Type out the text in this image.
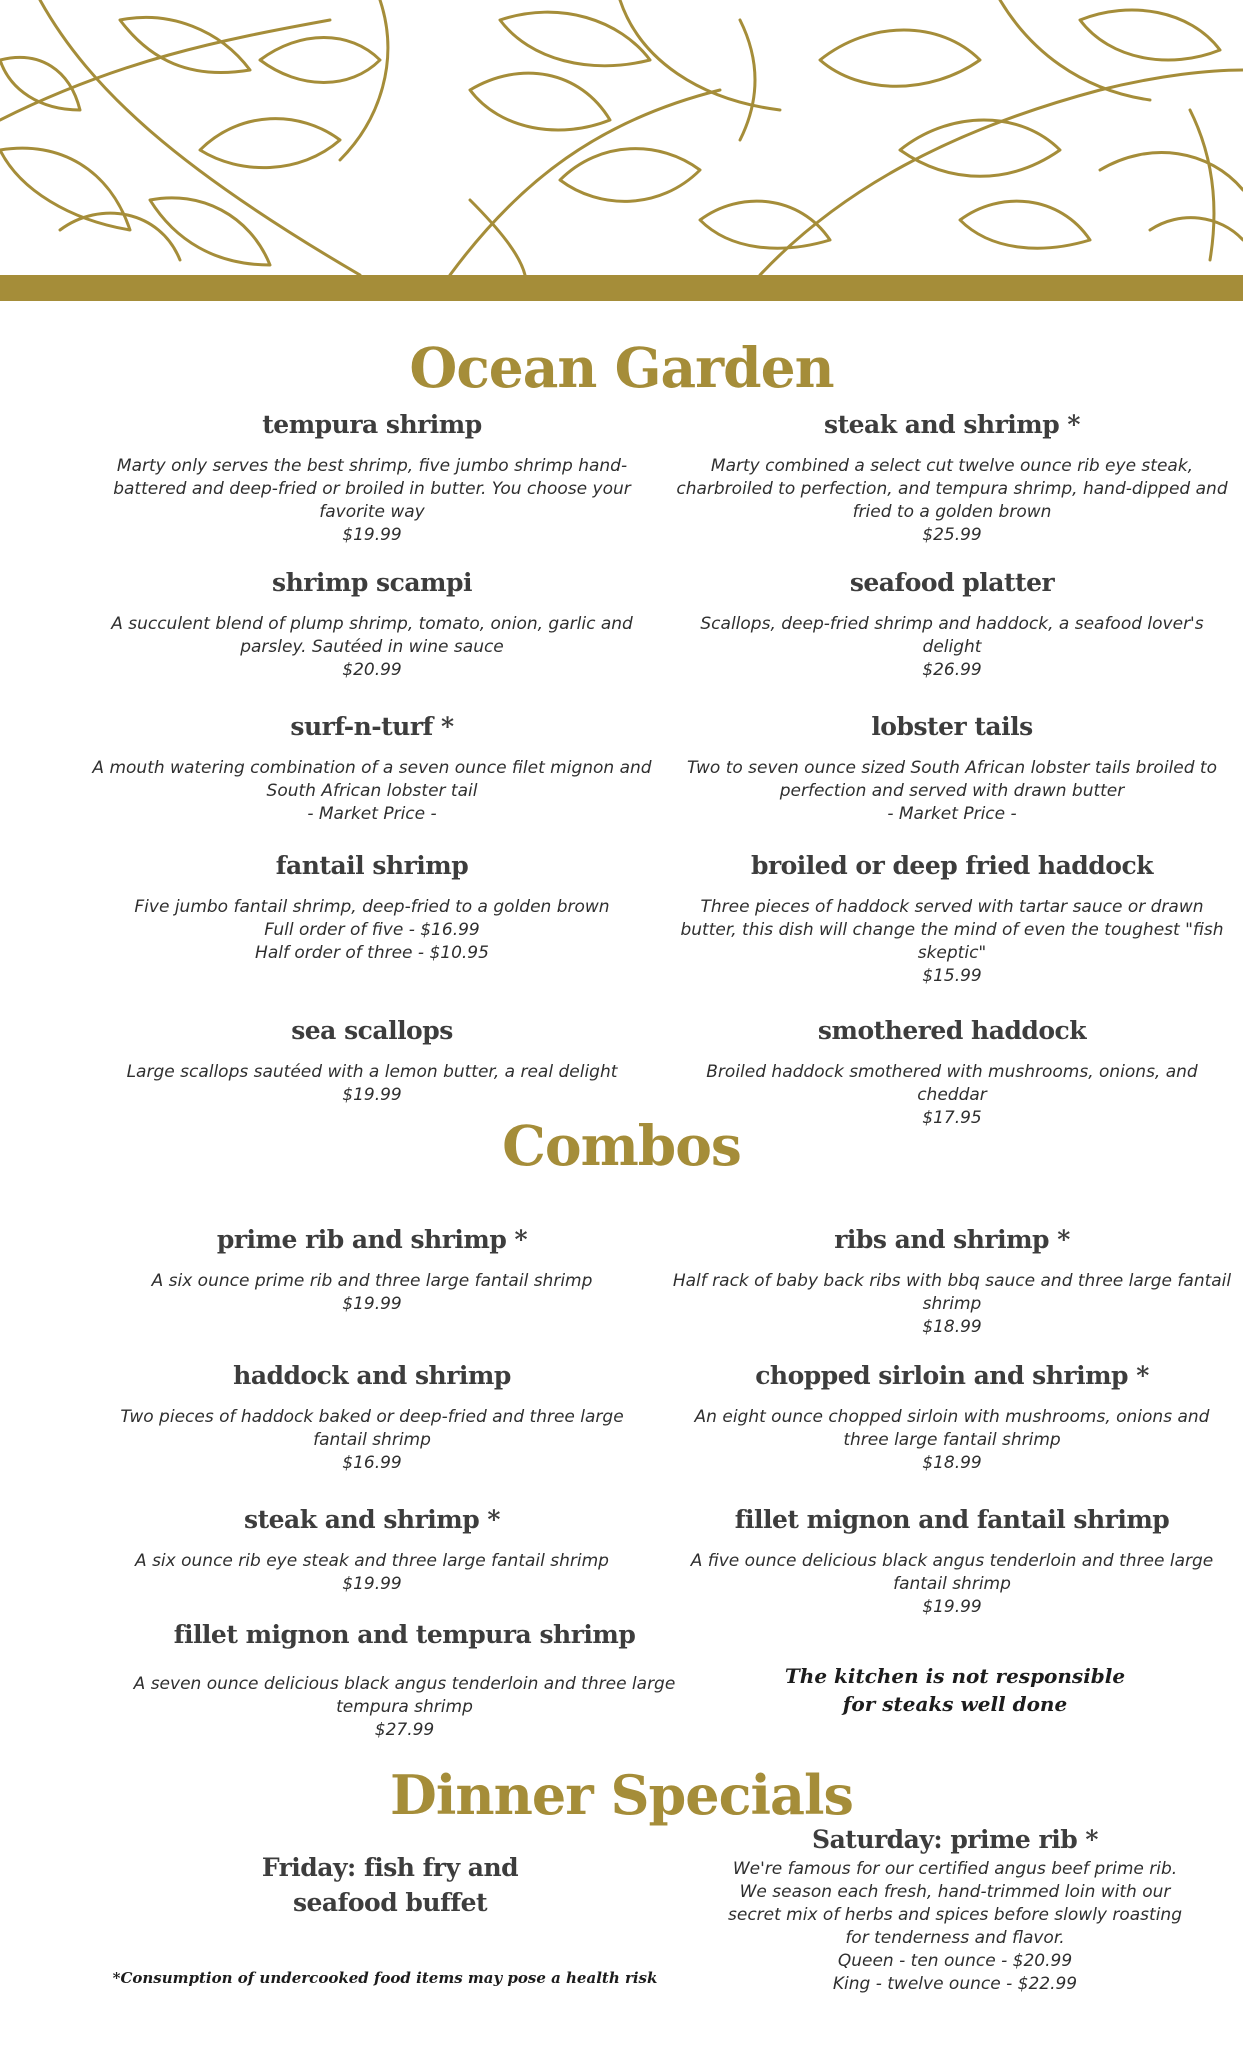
Ocean Garden
Combos
Dinner Specials
tempura shrimp

Marty only serves the best shrimp, five jumbo shrimp hand-battered and deep-fried or broiled in butter. You choose your favorite way
$19.99

steak and shrimp *

Marty combined a select cut twelve ounce rib eye steak, charbroiled to perfection, and tempura shrimp, hand-dipped and fried to a golden brown
$25.99

shrimp scampi

A succulent blend of plump shrimp, tomato, onion, garlic and parsley. Sautéed in wine sauce
$20.99

seafood platter

Scallops, deep-fried shrimp and haddock, a seafood lover's delight
$26.99

surf-n-turf *

A mouth watering combination of a seven ounce filet mignon and South African lobster tail
- Market Price -

lobster tails

Two to seven ounce sized South African lobster tails broiled to perfection and served with drawn butter
- Market Price -

fantail shrimp

Five jumbo fantail shrimp, deep-fried to a golden brown
Full order of five - $16.99
Half order of three - $10.95

broiled or deep fried haddock

Three pieces of haddock served with tartar sauce or drawn butter, this dish will change the mind of even the toughest "fish skeptic"
$15.99

sea scallops

Large scallops sautéed with a lemon butter, a real delight
$19.99

smothered haddock

Broiled haddock smothered with mushrooms, onions, and cheddar
$17.95

prime rib and shrimp *

A six ounce prime rib and three large fantail shrimp
$19.99

ribs and shrimp *

Half rack of baby back ribs with bbq sauce and three large fantail shrimp
$18.99

haddock and shrimp

Two pieces of haddock baked or deep-fried and three large fantail shrimp
$16.99

chopped sirloin and shrimp *

An eight ounce chopped sirloin with mushrooms, onions and three large fantail shrimp
$18.99

steak and shrimp *

A six ounce rib eye steak and three large fantail shrimp
$19.99

fillet mignon and fantail shrimp

A five ounce delicious black angus tenderloin and three large fantail shrimp
$19.99

fillet mignon and tempura shrimp

A seven ounce delicious black angus tenderloin and three large tempura shrimp
$27.99

The kitchen is not responsible
for steaks well done
Friday: fish fry and
seafood buffet
Saturday: prime rib *

We're famous for our certified angus beef prime rib. We season each fresh, hand-trimmed loin with our secret mix of herbs and spices before slowly roasting for tenderness and flavor.
Queen - ten ounce - $20.99
King - twelve ounce - $22.99

*Consumption of undercooked food items may pose a health risk
